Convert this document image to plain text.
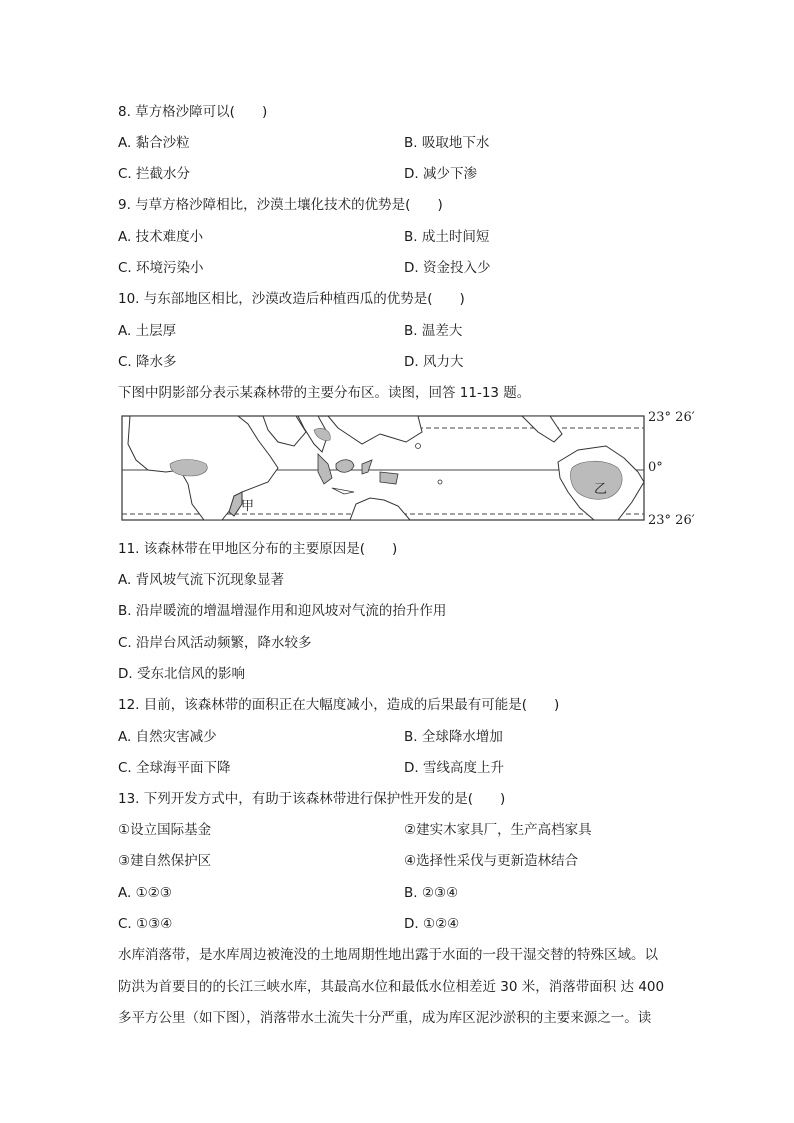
8. 草方格沙障可以(　　)
A. 黏合沙粒	B. 吸取地下水
C. 拦截水分	D. 减少下渗
9. 与草方格沙障相比，沙漠土壤化技术的优势是(　　)
A. 技术难度小	B. 成土时间短
C. 环境污染小	D. 资金投入少
10. 与东部地区相比，沙漠改造后种植西瓜的优势是(　　)
A. 土层厚	B. 温差大
C. 降水多	D. 风力大
下图中阴影部分表示某森林带的主要分布区。读图，回答 11-13 题。
乙
甲
23° 26′
0°
23° 26′
11. 该森林带在甲地区分布的主要原因是(　　)
A. 背风坡气流下沉现象显著
B. 沿岸暖流的增温增湿作用和迎风坡对气流的抬升作用
C. 沿岸台风活动频繁，降水较多
D. 受东北信风的影响
12. 目前，该森林带的面积正在大幅度减小，造成的后果最有可能是(　　)
A. 自然灾害减少	B. 全球降水增加
C. 全球海平面下降	D. 雪线高度上升
13. 下列开发方式中，有助于该森林带进行保护性开发的是(　　)
①设立国际基金	②建实木家具厂，生产高档家具
③建自然保护区	④选择性采伐与更新造林结合
A. ①②③	B. ②③④
C. ①③④	D. ①②④
水库消落带，是水库周边被淹没的土地周期性地出露于水面的一段干湿交替的特殊区域。以
防洪为首要目的的长江三峡水库，其最高水位和最低水位相差近 30 米，消落带面积 达 400
多平方公里（如下图），消落带水土流失十分严重，成为库区泥沙淤积的主要来源之一。读
